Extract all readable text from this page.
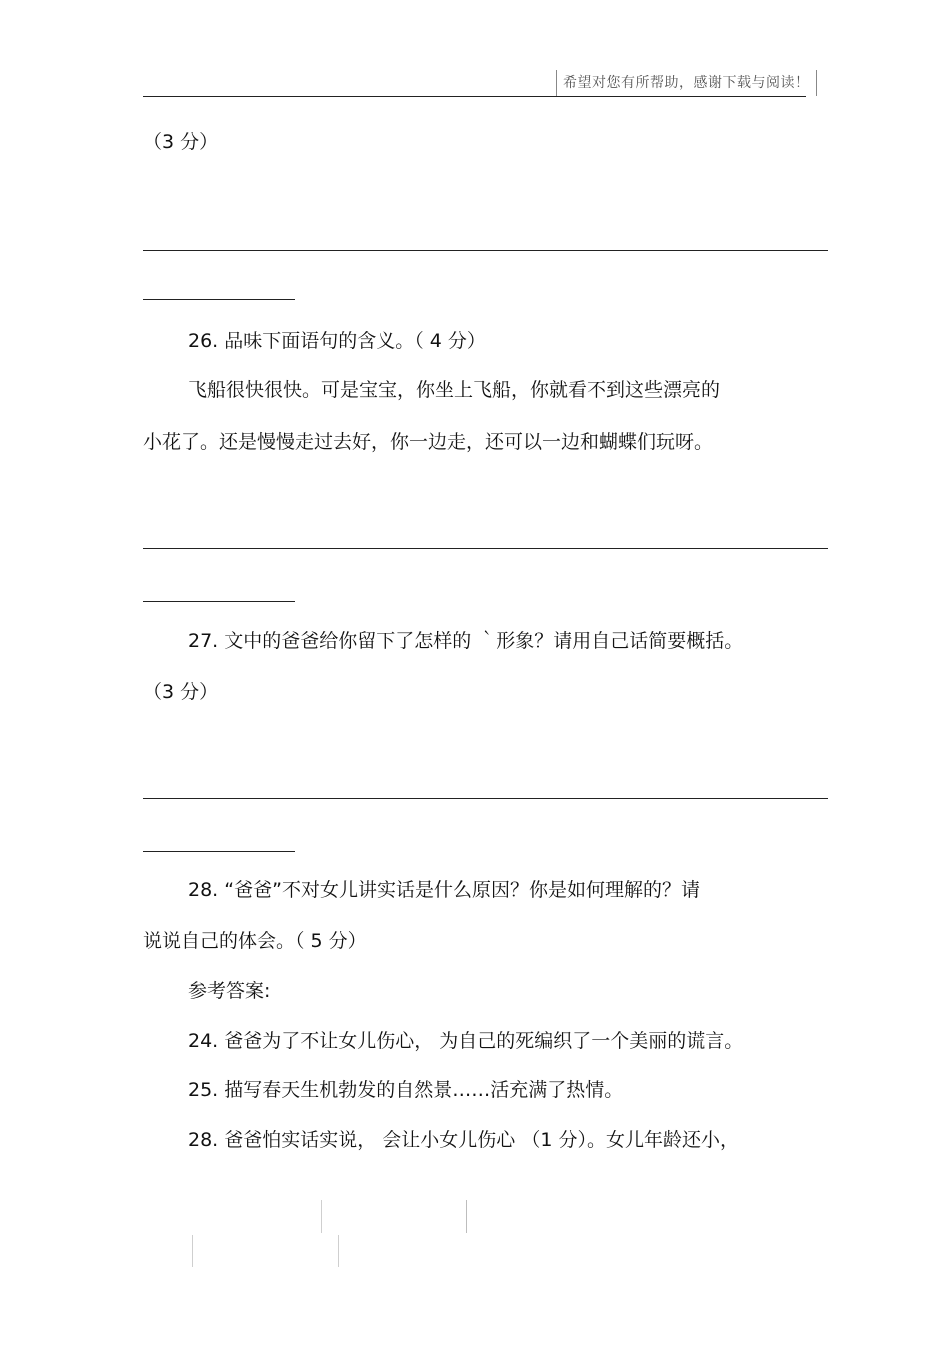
希望对您有所帮助，感谢下载与阅读！
（3 分）
26. 品味下面语句的含义。（ 4 分）
飞船很快很快。可是宝宝，你坐上飞船，你就看不到这些漂亮的
小花了。还是慢慢走过去好，你一边走，还可以一边和蝴蝶们玩呀。
27. 文中的爸爸给你留下了怎样的 ｀形象？请用自己话简要概括。
（3 分）
28. “爸爸”不对女儿讲实话是什么原因？你是如何理解的？请
说说自己的体会。（ 5 分）
参考答案:
24. 爸爸为了不让女儿伤心， 为自己的死编织了一个美丽的谎言。
25. 描写春天生机勃发的自然景……活充满了热情。
28. 爸爸怕实话实说， 会让小女儿伤心 （1 分）。女儿年龄还小，
